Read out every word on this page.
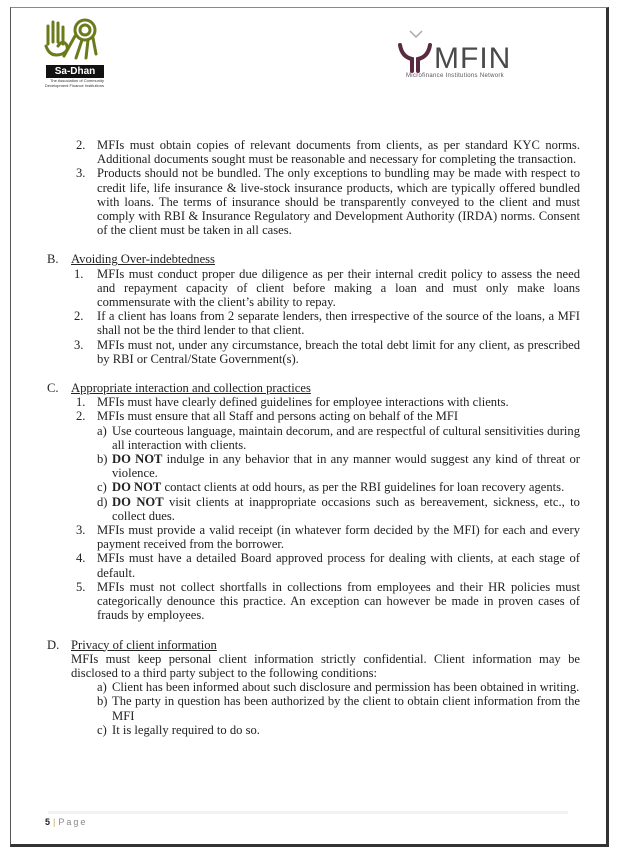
Sa-Dhan
The Association of Community Development Finance Institutions
MFIN
Microfinance Institutions Network
2. MFIs must obtain copies of relevant documents from clients, as per standard KYC norms. Additional documents sought must be reasonable and necessary for completing the transaction.
3. Products should not be bundled. The only exceptions to bundling may be made with respect to credit life, life insurance & live-stock insurance products, which are typically offered bundled with loans. The terms of insurance should be transparently conveyed to the client and must comply with RBI & Insurance Regulatory and Development Authority (IRDA) norms. Consent of the client must be taken in all cases.
B. Avoiding Over-indebtedness
1. MFIs must conduct proper due diligence as per their internal credit policy to assess the need and repayment capacity of client before making a loan and must only make loans commensurate with the client’s ability to repay.
2. If a client has loans from 2 separate lenders, then irrespective of the source of the loans, a MFI shall not be the third lender to that client.
3. MFIs must not, under any circumstance, breach the total debt limit for any client, as prescribed by RBI or Central/State Government(s).
C. Appropriate interaction and collection practices
1. MFIs must have clearly defined guidelines for employee interactions with clients.
2. MFIs must ensure that all Staff and persons acting on behalf of the MFI
a) Use courteous language, maintain decorum, and are respectful of cultural sensitivities during all interaction with clients.
b) DO NOT indulge in any behavior that in any manner would suggest any kind of threat or violence.
c) DO NOT contact clients at odd hours, as per the RBI guidelines for loan recovery agents.
d) DO NOT visit clients at inappropriate occasions such as bereavement, sickness, etc., to collect dues.
3. MFIs must provide a valid receipt (in whatever form decided by the MFI) for each and every payment received from the borrower.
4. MFIs must have a detailed Board approved process for dealing with clients, at each stage of default.
5. MFIs must not collect shortfalls in collections from employees and their HR policies must categorically denounce this practice. An exception can however be made in proven cases of frauds by employees.
D. Privacy of client information
MFIs must keep personal client information strictly confidential. Client information may be disclosed to a third party subject to the following conditions:
a) Client has been informed about such disclosure and permission has been obtained in writing.
b) The party in question has been authorized by the client to obtain client information from the MFI
c) It is legally required to do so.
5 | Page
